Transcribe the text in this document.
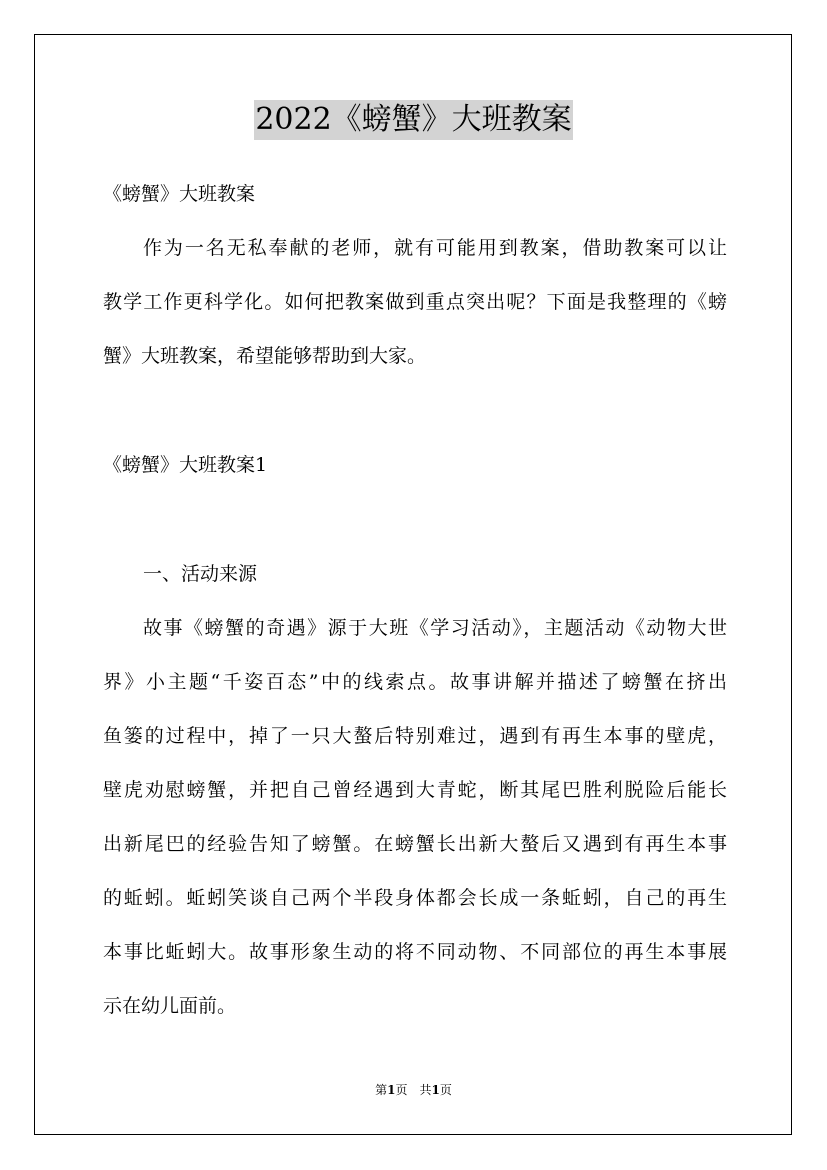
2022《螃蟹》大班教案
《螃蟹》大班教案
作为一名无私奉献的老师，就有可能用到教案，借助教案可以让
教学工作更科学化。如何把教案做到重点突出呢？下面是我整理的《螃
蟹》大班教案，希望能够帮助到大家。
《螃蟹》大班教案1
一、活动来源
故事《螃蟹的奇遇》源于大班《学习活动》，主题活动《动物大世
界》小主题“千姿百态”中的线索点。故事讲解并描述了螃蟹在挤出
鱼篓的过程中，掉了一只大螯后特别难过，遇到有再生本事的壁虎，
壁虎劝慰螃蟹，并把自己曾经遇到大青蛇，断其尾巴胜利脱险后能长
出新尾巴的经验告知了螃蟹。在螃蟹长出新大螯后又遇到有再生本事
的蚯蚓。蚯蚓笑谈自己两个半段身体都会长成一条蚯蚓，自己的再生
本事比蚯蚓大。故事形象生动的将不同动物、不同部位的再生本事展
示在幼儿面前。
第1页　共1页
